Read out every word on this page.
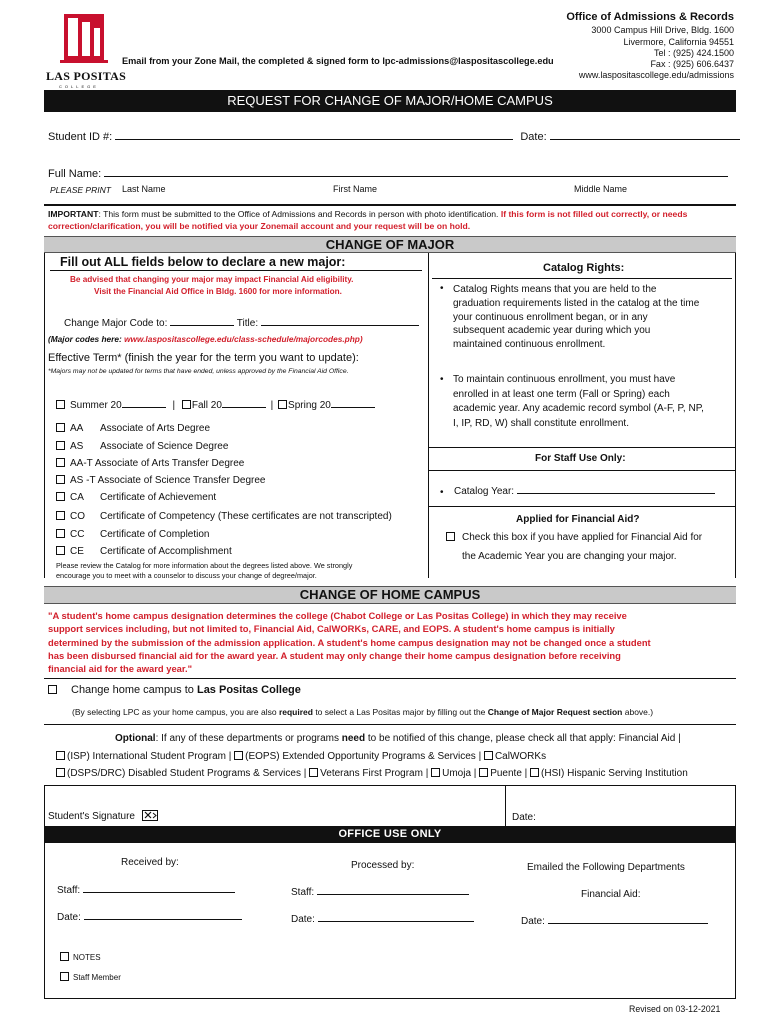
LAS POSITAS
COLLEGE
Email from your Zone Mail, the completed & signed form to lpc-admissions@laspositascollege.edu
Office of Admissions & Records
3000 Campus Hill Drive, Bldg. 1600
Livermore, California 94551
Tel : (925) 424.1500
Fax : (925) 606.6437
www.laspositascollege.edu/admissions
REQUEST FOR CHANGE OF MAJOR/HOME CAMPUS
Student ID #:	Date:
Full Name:
PLEASE PRINT Last Name	First Name	Middle Name
IMPORTANT: This form must be submitted to the Office of Admissions and Records in person with photo identification. If this form is not filled out correctly, or needs correction/clarification, you will be notified via your Zonemail account and your request will be on hold.
CHANGE OF MAJOR
Fill out ALL fields below to declare a new major:
Be advised that changing your major may impact Financial Aid eligibility.
Visit the Financial Aid Office in Bldg. 1600 for more information.
Change Major Code to:	Title:
(Major codes here: www.laspositascollege.edu/class-schedule/majorcodes.php)
Effective Term* (finish the year for the term you want to update):
*Majors may not be updated for terms that have ended, unless approved by the Financial Aid Office.
Summer 20	| Fall 20	| Spring 20
AA Associate of Arts Degree
AS Associate of Science Degree
AA-T Associate of Arts Transfer Degree
AS -T Associate of Science Transfer Degree
CA Certificate of Achievement
CO Certificate of Competency (These certificates are not transcripted)
CC Certificate of Completion
CE Certificate of Accomplishment
Please review the Catalog for more information about the degrees listed above. We strongly
encourage you to meet with a counselor to discuss your change of degree/major.
Catalog Rights:
• Catalog Rights means that you are held to the
graduation requirements listed in the catalog at the time
your continuous enrollment began, or in any
subsequent academic year during which you
maintained continuous enrollment.
• To maintain continuous enrollment, you must have
enrolled in at least one term (Fall or Spring) each
academic year. Any academic record symbol (A-F, P, NP,
I, IP, RD, W) shall constitute enrollment.
For Staff Use Only:
• Catalog Year:
Applied for Financial Aid?
Check this box if you have applied for Financial Aid for
the Academic Year you are changing your major.
CHANGE OF HOME CAMPUS
"A student's home campus designation determines the college (Chabot College or Las Positas College) in which they may receive
support services including, but not limited to, Financial Aid, CalWORKs, CARE, and EOPS. A student's home campus is initially
determined by the submission of the admission application. A student's home campus designation may not be changed once a student
has been disbursed financial aid for the award year. A student may only change their home campus designation before receiving
financial aid for the award year."
Change home campus to Las Positas College
(By selecting LPC as your home campus, you are also required to select a Las Positas major by filling out the Change of Major Request section above.)
Optional: If any of these departments or programs need to be notified of this change, please check all that apply: Financial Aid |
(ISP) International Student Program | (EOPS) Extended Opportunity Programs & Services | CalWORKs
(DSPS/DRC) Disabled Student Programs & Services | Veterans First Program | Umoja | Puente | (HSI) Hispanic Serving Institution
Student's Signature	Date:
OFFICE USE ONLY
Received by:	Processed by:	Emailed the Following Departments
Staff:	Staff:	Financial Aid:
Date:	Date:	Date:
NOTES
Staff Member
Revised on 03-12-2021
